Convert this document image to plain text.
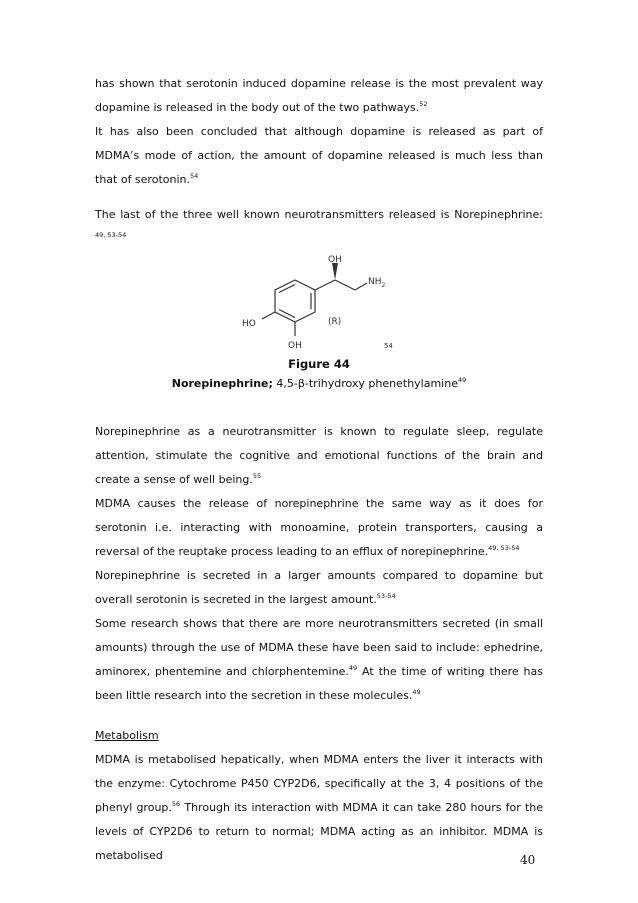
has shown that serotonin induced dopamine release is the most prevalent way dopamine is released in the body out of the two pathways.$^{52}$

It has also been concluded that although dopamine is released as part of MDMA’s mode of action, the amount of dopamine released is much less than that of serotonin.$^{54}$

The last of the three well known neurotransmitters released is Norepinephrine: $^{49, 53-54}$

OH
$NH_2$
HO
OH
(R)
54
Figure 44
Norepinephrine; 4,5-β-trihydroxy phenethylamine$^{49}$

Norepinephrine as a neurotransmitter is known to regulate sleep, regulate attention, stimulate the cognitive and emotional functions of the brain and create a sense of well being.$^{55}$

MDMA causes the release of norepinephrine the same way as it does for serotonin i.e. interacting with monoamine, protein transporters, causing a reversal of the reuptake process leading to an efflux of norepinephrine.$^{49, 53-54}$

Norepinephrine is secreted in a larger amounts compared to dopamine but overall serotonin is secreted in the largest amount.$^{53-54}$

Some research shows that there are more neurotransmitters secreted (in small amounts) through the use of MDMA these have been said to include: ephedrine, aminorex, phentemine and chlorphentemine.$^{49}$ At the time of writing there has been little research into the secretion in these molecules.$^{49}$

Metabolism

MDMA is metabolised hepatically, when MDMA enters the liver it interacts with the enzyme: Cytochrome P450 CYP2D6, specifically at the 3, 4 positions of the phenyl group.$^{56}$ Through its interaction with MDMA it can take 280 hours for the levels of CYP2D6 to return to normal; MDMA acting as an inhibitor. MDMA is metabolised	40
